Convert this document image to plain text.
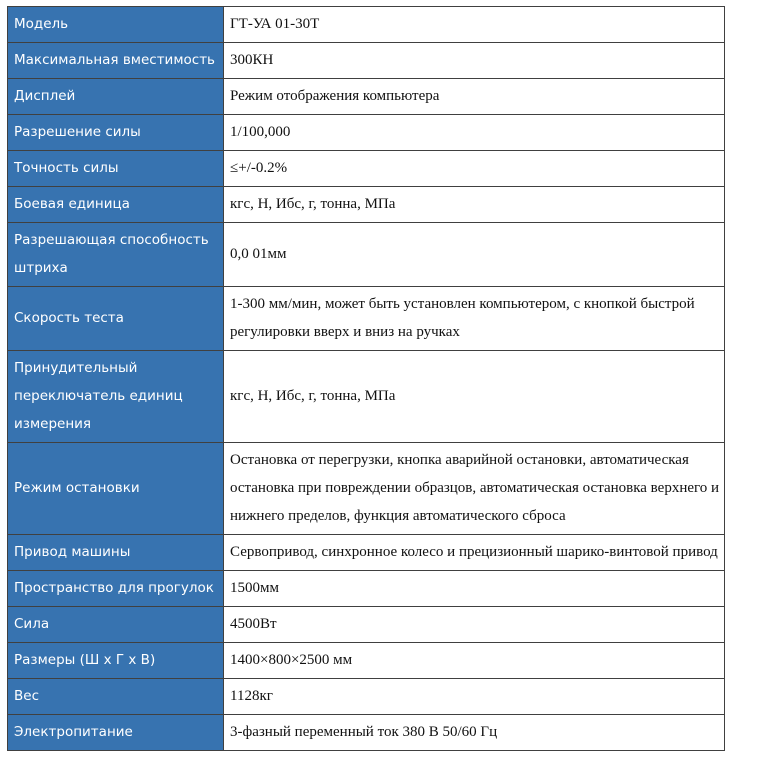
Модель	ГТ-УА 01-30Т
Максимальная вместимость	300КН
Дисплей	Режим отображения компьютера
Разрешение силы	1/100,000
Точность силы	≤+/-0.2%
Боевая единица	кгс, Н, Ибс, г, тонна, МПа
Разрешающая способность штриха	0,0 01мм
Скорость теста	1-300 мм/мин, может быть установлен компьютером, с кнопкой быстрой регулировки вверх и вниз на ручках
Принудительный переключатель единиц измерения	кгс, Н, Ибс, г, тонна, МПа
Режим остановки	Остановка от перегрузки, кнопка аварийной остановки, автоматическая остановка при повреждении образцов, автоматическая остановка верхнего и нижнего пределов, функция автоматического сброса
Привод машины	Сервопривод, синхронное колесо и прецизионный шарико-винтовой привод
Пространство для прогулок	1500мм
Сила	4500Вт
Размеры (Ш х Г х В)	1400×800×2500 мм
Вес	1128кг
Электропитание	3-фазный переменный ток 380 В 50/60 Гц
